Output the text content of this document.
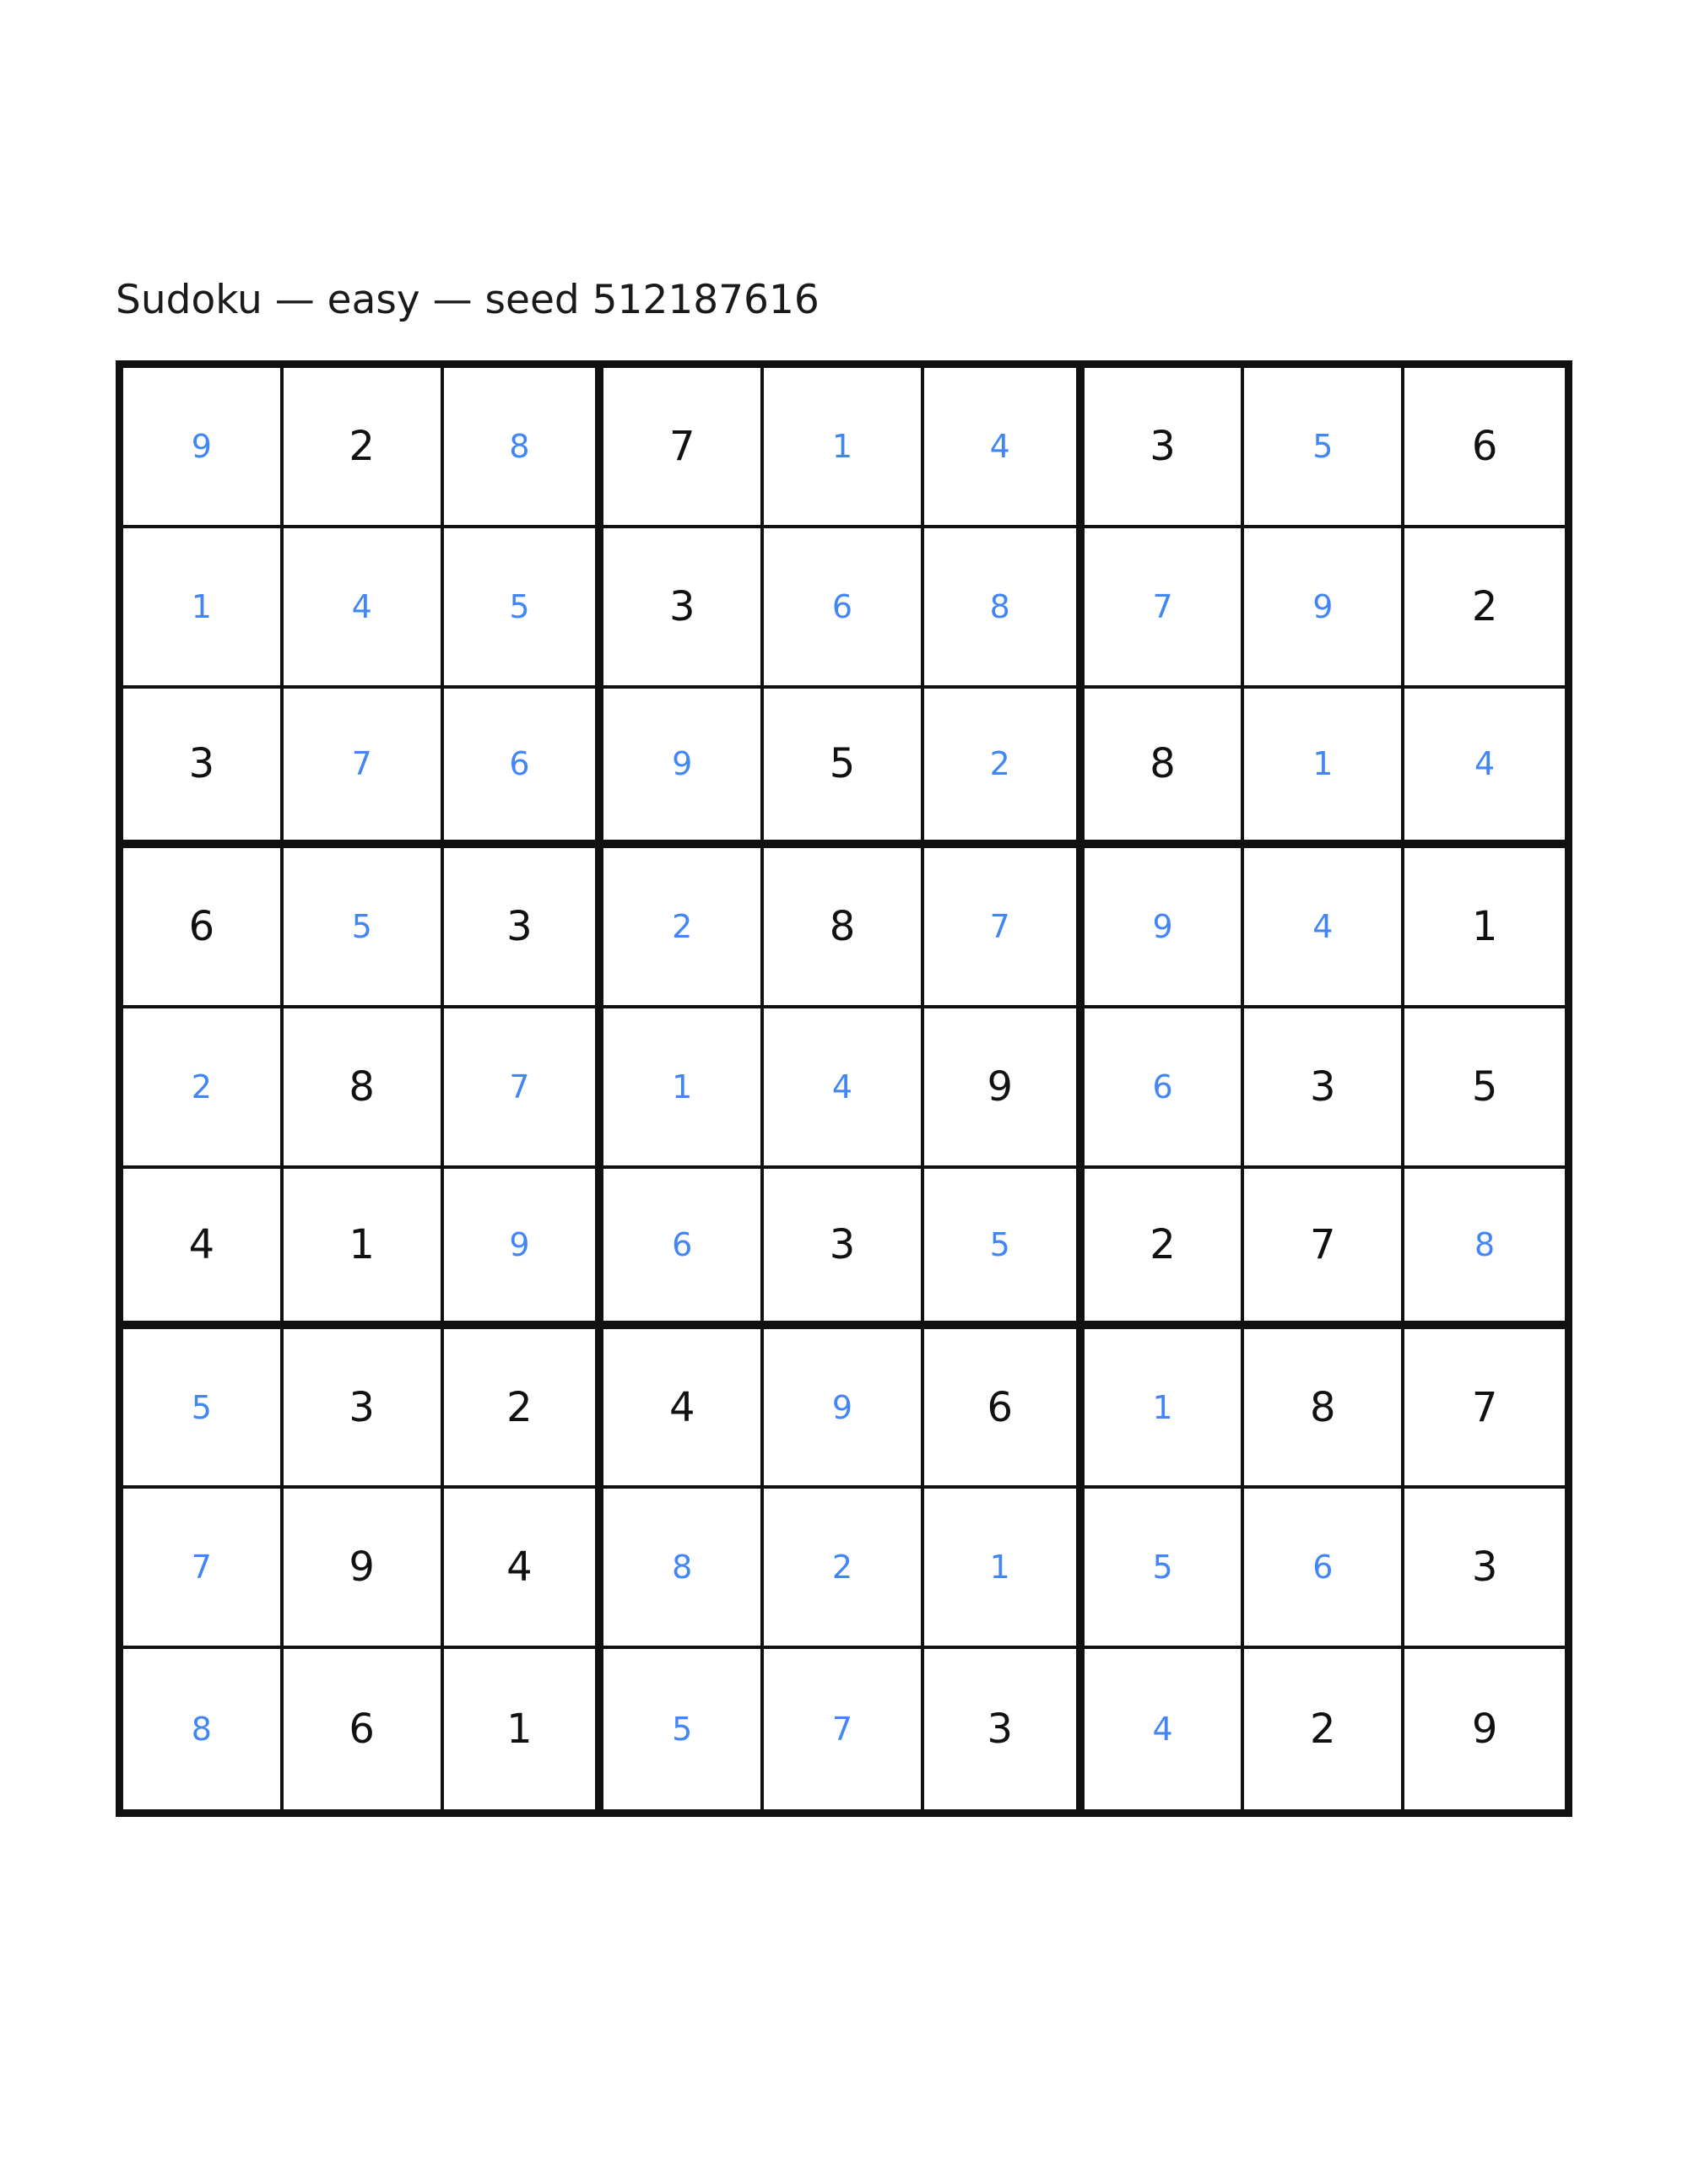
Sudoku — easy — seed 512187616
9	2	8	7	1	4	3	5	6
1	4	5	3	6	8	7	9	2
3	7	6	9	5	2	8	1	4
6	5	3	2	8	7	9	4	1
2	8	7	1	4	9	6	3	5
4	1	9	6	3	5	2	7	8
5	3	2	4	9	6	1	8	7
7	9	4	8	2	1	5	6	3
8	6	1	5	7	3	4	2	9
